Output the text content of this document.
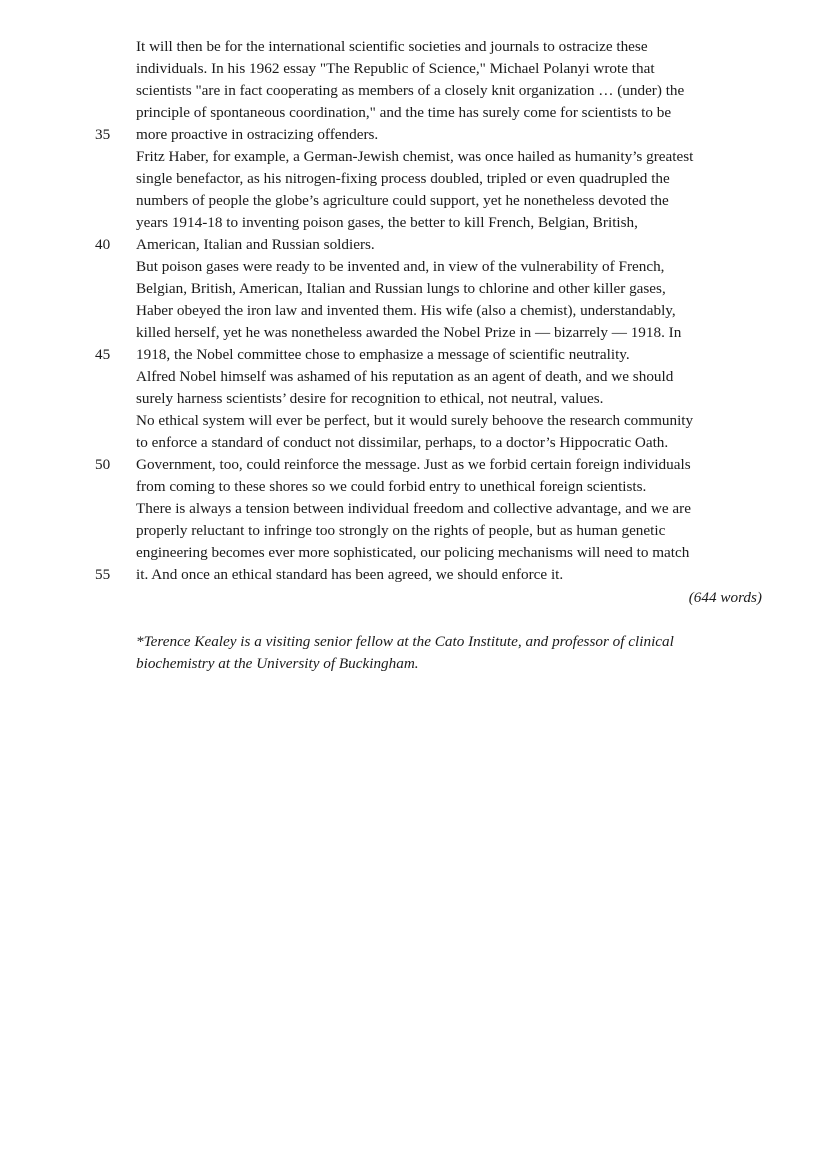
It will then be for the international scientific societies and journals to ostracize these
individuals. In his 1962 essay "The Republic of Science," Michael Polanyi wrote that
scientists "are in fact cooperating as members of a closely knit organization … (under) the
principle of spontaneous coordination," and the time has surely come for scientists to be
35	more proactive in ostracizing offenders.
Fritz Haber, for example, a German-Jewish chemist, was once hailed as humanity’s greatest
single benefactor, as his nitrogen-fixing process doubled, tripled or even quadrupled the
numbers of people the globe’s agriculture could support, yet he nonetheless devoted the
years 1914-18 to inventing poison gases, the better to kill French, Belgian, British,
40	American, Italian and Russian soldiers.
But poison gases were ready to be invented and, in view of the vulnerability of French,
Belgian, British, American, Italian and Russian lungs to chlorine and other killer gases,
Haber obeyed the iron law and invented them. His wife (also a chemist), understandably,
killed herself, yet he was nonetheless awarded the Nobel Prize in — bizarrely — 1918. In
45	1918, the Nobel committee chose to emphasize a message of scientific neutrality.
Alfred Nobel himself was ashamed of his reputation as an agent of death, and we should
surely harness scientists’ desire for recognition to ethical, not neutral, values.
No ethical system will ever be perfect, but it would surely behoove the research community
to enforce a standard of conduct not dissimilar, perhaps, to a doctor’s Hippocratic Oath.
50	Government, too, could reinforce the message. Just as we forbid certain foreign individuals
from coming to these shores so we could forbid entry to unethical foreign scientists.
There is always a tension between individual freedom and collective advantage, and we are
properly reluctant to infringe too strongly on the rights of people, but as human genetic
engineering becomes ever more sophisticated, our policing mechanisms will need to match
55	it. And once an ethical standard has been agreed, we should enforce it.
(644 words)
*Terence Kealey is a visiting senior fellow at the Cato Institute, and professor of clinical
biochemistry at the University of Buckingham.
